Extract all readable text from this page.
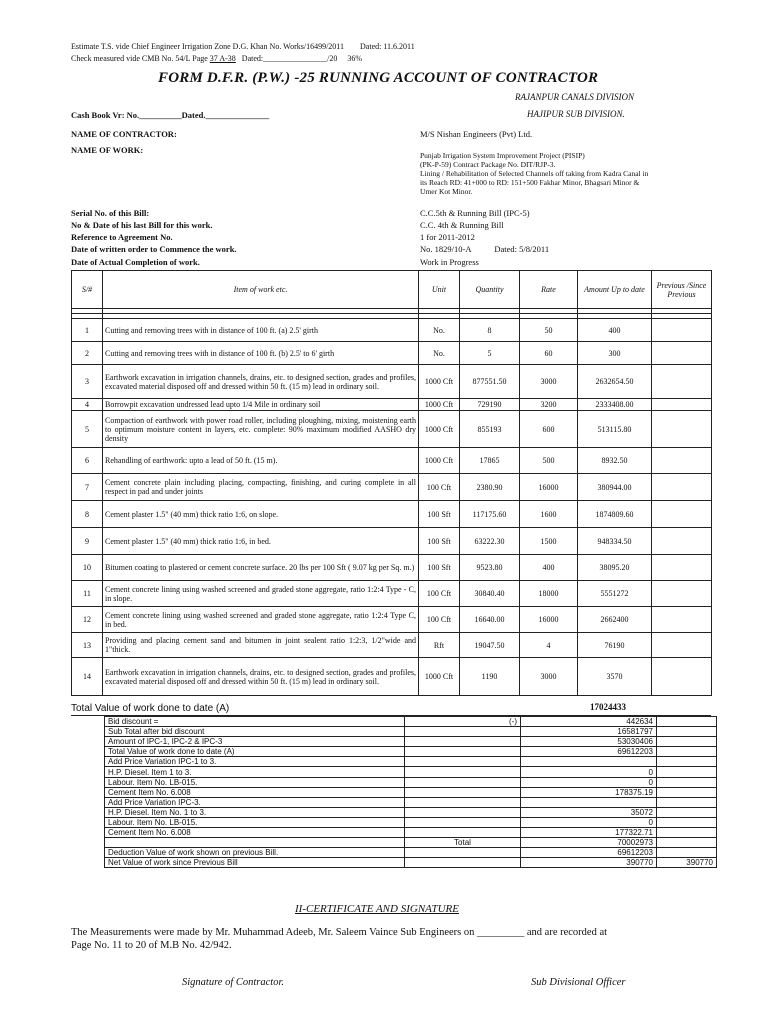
Estimate T.S. vide Chief Engineer Irrigation Zone D.G. Khan No. Works/16499/2011 Dated: 11.6.2011
Check measured vide CMB No. 54/L Page 37 A-38 Dated:________________/20 36%
FORM D.F.R. (P.W.) -25 RUNNING ACCOUNT OF CONTRACTOR
RAJANPUR CANALS DIVISION
HAJIPUR SUB DIVISION.
Cash Book Vr: No.__________Dated._______________
NAME OF CONTRACTOR:	M/S Nishan Engineers (Pvt) Ltd.
NAME OF WORK:
Punjab Irrigation System Improvement Project (PISIP)
(PK-P-59) Contract Package No. DIT/RJP-3.
Lining / Rehabilitation of Selected Channels off taking from Kadra Canal in
its Reach RD: 41+000 to RD: 151+500 Fakhar Minor, Bhagsari Minor &
Umer Kot Minor.
Serial No. of this Bill:	C.C.5th & Running Bill (IPC-5)
No & Date of his last Bill for this work.	C.C. 4th & Running Bill
Reference to Agreement No.	1 for 2011-2012
Date of written order to Commence the work.	No. 1829/10-A           Dated: 5/8/2011
Date of Actual Completion of work.	Work in Progress
S/#	Item of work etc.	Unit	Quantity	Rate	Amount Up to date	Previous /Since Previous

1	Cutting and removing trees with in distance of 100 ft. (a) 2.5' girth	No.	8	50	400	
2	Cutting and removing trees with in distance of 100 ft. (b) 2.5' to 6' girth	No.	5	60	300	
3	Earthwork excavation in irrigation channels, drains, etc. to designed section, grades and profiles, excavated material disposed off and dressed within 50 ft. (15 m) lead in ordinary soil.	1000 Cft	877551.50	3000	2632654.50	
4	Borrowpit excavation undressed lead upto 1/4 Mile in ordinary soil	1000 Cft	729190	3200	2333408.00	
5	Compaction of earthwork with power road roller, including ploughing, mixing, moistening earth to optimum moisture content in layers, etc. complete: 90% maximum modified AASHO dry density	1000 Cft	855193	600	513115.80	
6	Rehandling of earthwork: upto a lead of 50 ft. (15 m).	1000 Cft	17865	500	8932.50	
7	Cement concrete plain including placing, compacting, finishing, and curing complete in all respect in pad and under joints	100 Cft	2380.90	16000	380944.00	
8	Cement plaster 1.5" (40 mm) thick ratio 1:6, on slope.	100 Sft	117175.60	1600	1874809.60	
9	Cement plaster 1.5" (40 mm) thick ratio 1:6, in bed.	100 Sft	63222.30	1500	948334.50	
10	Bitumen coating to plastered or cement concrete surface. 20 lbs per 100 Sft ( 9.07 kg per Sq. m.)	100 Sft	9523.80	400	38095.20	
11	Cement concrete lining using washed screened and graded stone aggregate, ratio 1:2:4 Type - C, in slope.	100 Cft	30840.40	18000	5551272	
12	Cement concrete lining using washed screened and graded stone aggregate, ratio 1:2:4 Type C, in bed.	100 Cft	16640.00	16000	2662400	
13	Providing and placing cement sand and bitumen in joint sealent ratio 1:2:3, 1/2"wide and 1"thick.	Rft	19047.50	4	76190	
14	Earthwork excavation in irrigation channels, drains, etc. to designed section, grades and profiles, excavated material disposed off and dressed within 50 ft. (15 m) lead in ordinary soil.	1000 Cft	1190	3000	3570	
Total Value of work done to date (A)	17024433
Bid discount =	(-)	442634	
Sub Total after bid discount		16581797	
Amount of IPC-1, IPC-2 & IPC-3		53030406	
Total Value of work done to date (A)		69612203	
Add Price Variation IPC-1 to 3.			
H.P. Diesel. Item 1 to 3.		0	
Labour. Item No. LB-015.		0	
Cement Item No. 6.008		178375.19	
Add Price Variation IPC-3.			
H.P. Diesel. Item No. 1 to 3.		35072	
Labour. Item No. LB-015.		0	
Cement Item No. 6.008		177322.71	
	Total	70002973	
Deduction Value of work shown on previous Bill.		69612203	
Net Value of work since Previous Bill		390770	390770
II-CERTIFICATE AND SIGNATURE
The Measurements were made by Mr. Muhammad Adeeb, Mr. Saleem Vaince Sub Engineers on _________ and are recorded at
Page No. 11 to 20 of M.B No. 42/942.
Signature of Contractor.	Sub Divisional Officer
